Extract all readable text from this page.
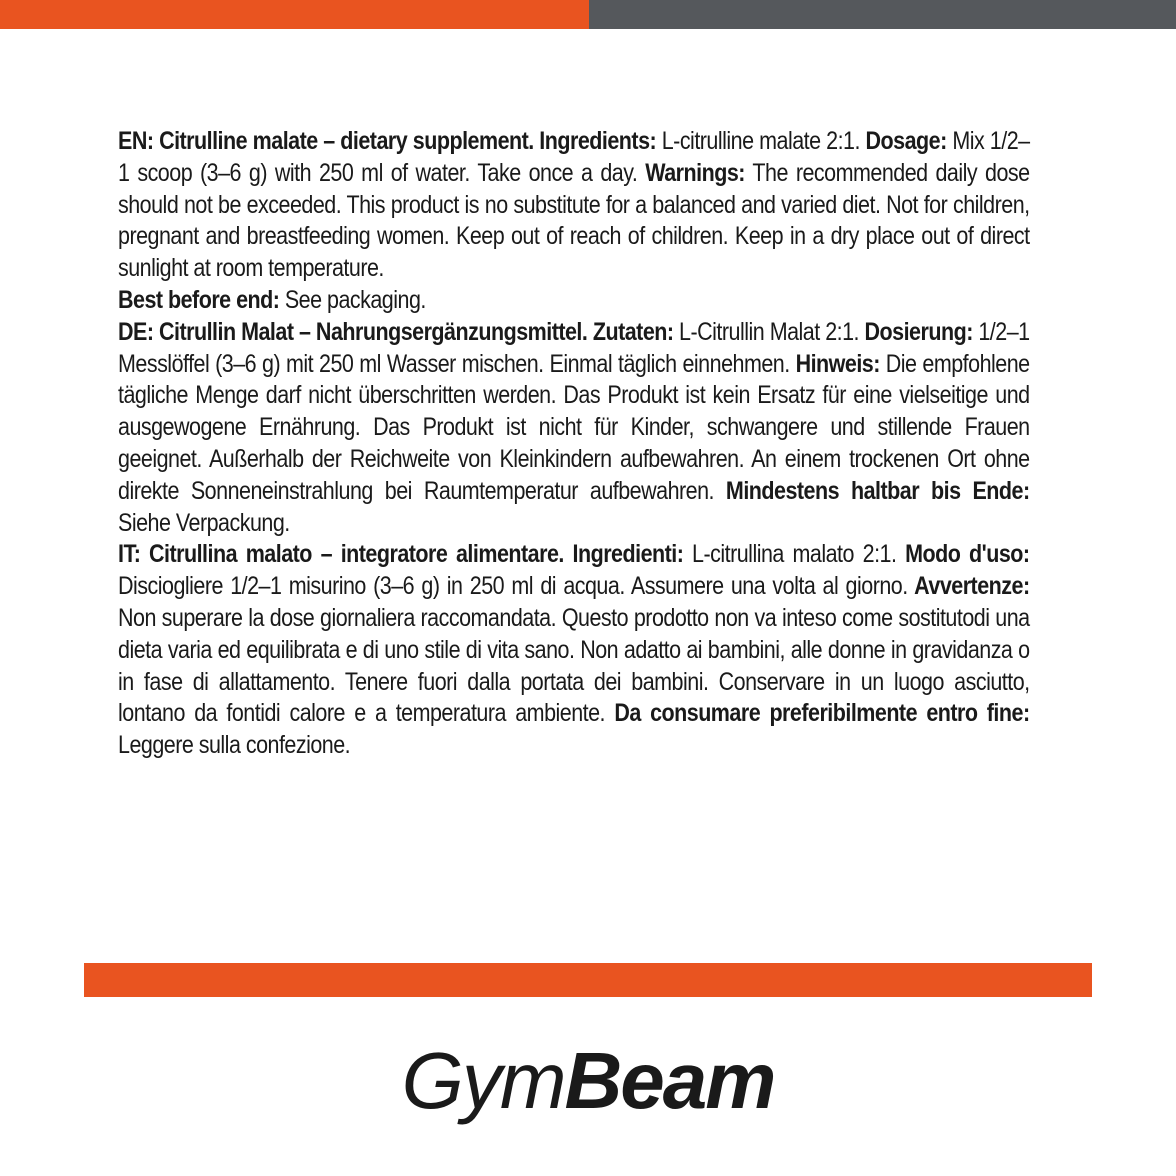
EN: Citrulline malate – dietary supplement. Ingredients: L-citrulline malate 2:1. Dosage: Mix 1/2–1 scoop (3–6 g) with 250 ml of water. Take once a day. Warnings: The recommended daily dose should not be exceeded. This product is no substitute for a balanced and varied diet. Not for children, pregnant and breastfeeding women. Keep out of reach of children. Keep in a dry place out of direct sunlight at room temperature.
Best before end: See packaging.

DE: Citrullin Malat – Nahrungsergänzungsmittel. Zutaten: L-Citrullin Malat 2:1. Dosierung: 1/2–1 Messlöffel (3–6 g) mit 250 ml Wasser mischen. Einmal täglich einnehmen. Hinweis: Die empfohlene tägliche Menge darf nicht überschritten werden. Das Produkt ist kein Ersatz für eine vielseitige und ausgewogene Ernährung. Das Produkt ist nicht für Kinder, schwangere und stillende Frauen geeignet. Außerhalb der Reichweite von Kleinkindern aufbewahren. An einem trockenen Ort ohne direkte Sonneneinstrahlung bei Raumtemperatur aufbewahren. Mindestens haltbar bis Ende: Siehe Verpackung.

IT: Citrullina malato – integratore alimentare. Ingredienti: L-citrullina malato 2:1. Modo d'uso: Disciogliere 1/2–1 misurino (3–6 g) in 250 ml di acqua. Assumere una volta al giorno. Avvertenze: Non superare la dose giornaliera raccomandata. Questo prodotto non va inteso come sostitutodi una dieta varia ed equilibrata e di uno stile di vita sano. Non adatto ai bambini, alle donne in gravidanza o in fase di allattamento. Tenere fuori dalla portata dei bambini. Conservare in un luogo asciutto, lontano da fontidi calore e a temperatura ambiente. Da consumare preferibilmente entro fine: Leggere sulla confezione.

GymBeam
